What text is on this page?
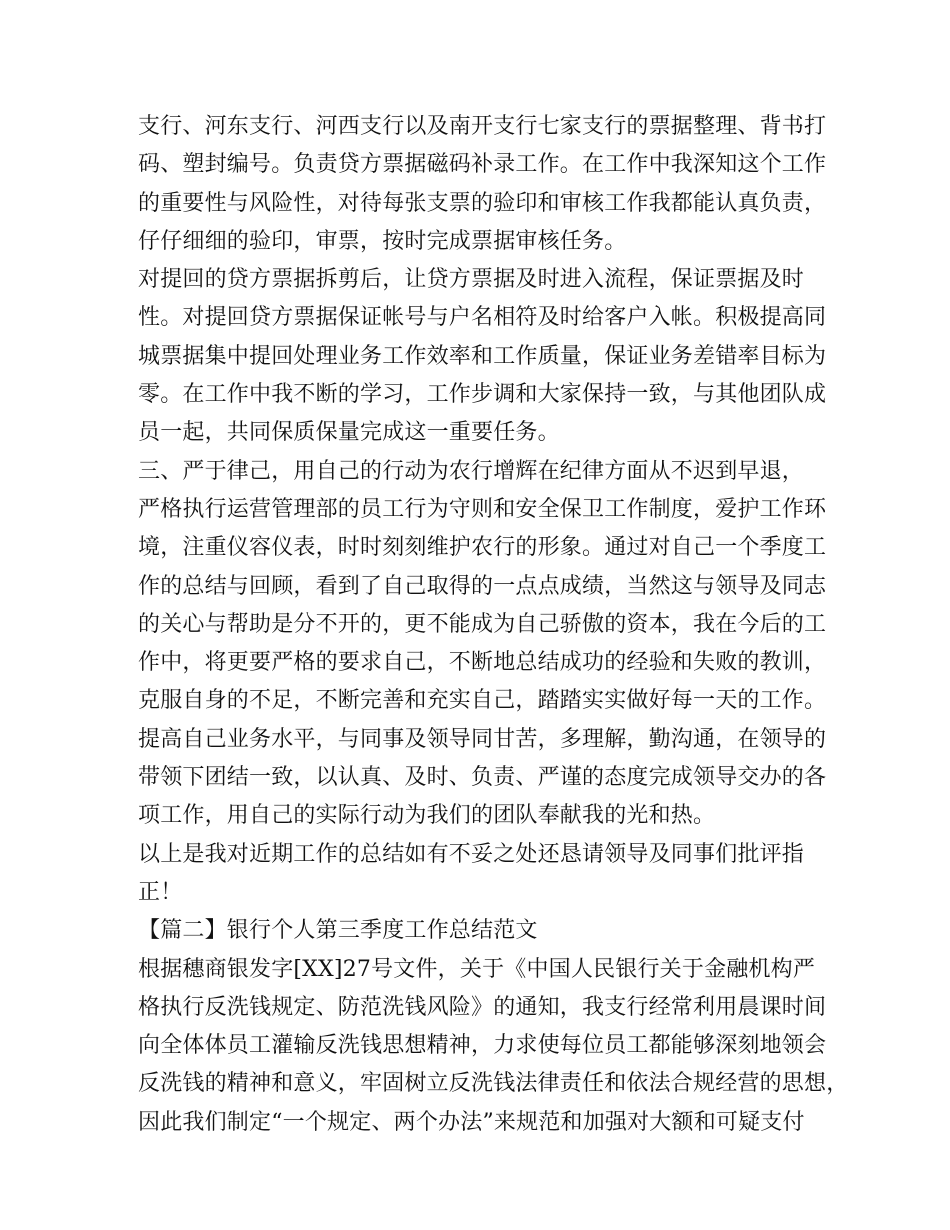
支行、河东支行、河西支行以及南开支行七家支行的票据整理、背书打
码、塑封编号。负责贷方票据磁码补录工作。在工作中我深知这个工作
的重要性与风险性，对待每张支票的验印和审核工作我都能认真负责，
仔仔细细的验印，审票，按时完成票据审核任务。
对提回的贷方票据拆剪后，让贷方票据及时进入流程，保证票据及时
性。对提回贷方票据保证帐号与户名相符及时给客户入帐。积极提高同
城票据集中提回处理业务工作效率和工作质量，保证业务差错率目标为
零。在工作中我不断的学习，工作步调和大家保持一致，与其他团队成
员一起，共同保质保量完成这一重要任务。
三、严于律己，用自己的行动为农行增辉在纪律方面从不迟到早退，
严格执行运营管理部的员工行为守则和安全保卫工作制度，爱护工作环
境，注重仪容仪表，时时刻刻维护农行的形象。通过对自己一个季度工
作的总结与回顾，看到了自己取得的一点点成绩，当然这与领导及同志
的关心与帮助是分不开的，更不能成为自己骄傲的资本，我在今后的工
作中，将更要严格的要求自己，不断地总结成功的经验和失败的教训，
克服自身的不足，不断完善和充实自己，踏踏实实做好每一天的工作。
提高自己业务水平，与同事及领导同甘苦，多理解，勤沟通，在领导的
带领下团结一致，以认真、及时、负责、严谨的态度完成领导交办的各
项工作，用自己的实际行动为我们的团队奉献我的光和热。
以上是我对近期工作的总结如有不妥之处还恳请领导及同事们批评指
正！
【篇二】银行个人第三季度工作总结范文
根据穗商银发字[XX]27号文件，关于《中国人民银行关于金融机构严
格执行反洗钱规定、防范洗钱风险》的通知，我支行经常利用晨课时间
向全体体员工灌输反洗钱思想精神，力求使每位员工都能够深刻地领会
反洗钱的精神和意义，牢固树立反洗钱法律责任和依法合规经营的思想，
因此我们制定“一个规定、两个办法”来规范和加强对大额和可疑支付
